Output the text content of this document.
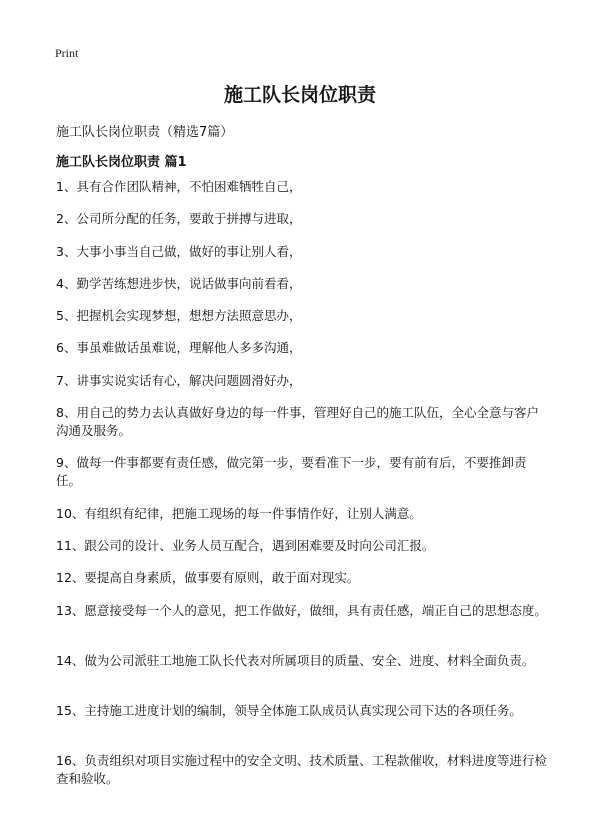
Print
施工队长岗位职责

施工队长岗位职责（精选7篇）

施工队长岗位职责 篇1
1、具有合作团队精神，不怕困难牺牲自己，
2、公司所分配的任务，要敢于拼搏与进取，
3、大事小事当自己做，做好的事让别人看，
4、勤学苦练想进步快，说话做事向前看看，
5、把握机会实现梦想，想想方法照意思办，
6、事虽难做话虽难说，理解他人多多沟通，
7、讲事实说实话有心，解决问题圆滑好办，
8、用自己的势力去认真做好身边的每一件事，管理好自己的施工队伍，全心全意与客户沟通及服务。
9、做每一件事都要有责任感，做完第一步，要看准下一步，要有前有后，不要推卸责任。
10、有组织有纪律，把施工现场的每一件事情作好，让别人满意。
11、跟公司的设计、业务人员互配合，遇到困难要及时向公司汇报。
12、要提高自身素质，做事要有原则，敢于面对现实。
13、愿意接受每一个人的意见，把工作做好，做细，具有责任感，端正自己的思想态度。
14、做为公司派驻工地施工队长代表对所属项目的质量、安全、进度、材料全面负责。
15、主持施工进度计划的编制，领导全体施工队成员认真实现公司下达的各项任务。
16、负责组织对项目实施过程中的安全文明、技术质量、工程款催收，材料进度等进行检查和验收。
